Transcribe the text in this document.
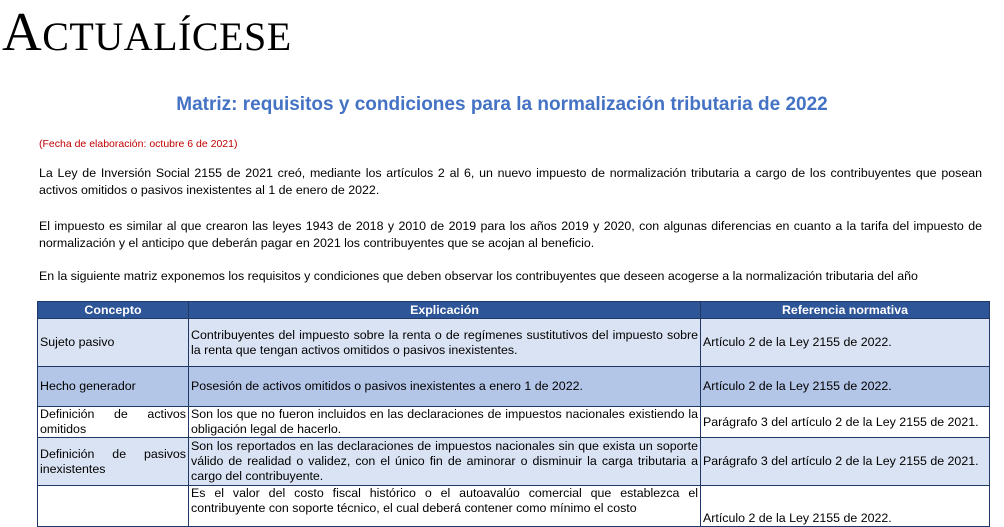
ACTUALÍCESE
Matriz: requisitos y condiciones para la normalización tributaria de 2022
(Fecha de elaboración: octubre 6 de 2021)
La Ley de Inversión Social 2155 de 2021 creó, mediante los artículos 2 al 6, un nuevo impuesto de normalización tributaria a cargo de los contribuyentes que posean activos omitidos o pasivos inexistentes al 1 de enero de 2022.
El impuesto es similar al que crearon las leyes 1943 de 2018 y 2010 de 2019 para los años 2019 y 2020, con algunas diferencias en cuanto a la tarifa del impuesto de normalización y el anticipo que deberán pagar en 2021 los contribuyentes que se acojan al beneficio.
En la siguiente matriz exponemos los requisitos y condiciones que deben observar los contribuyentes que deseen acogerse a la normalización tributaria del año
Concepto	Explicación	Referencia normativa
Sujeto pasivo	Contribuyentes del impuesto sobre la renta o de regímenes sustitutivos del impuesto sobre la renta que tengan activos omitidos o pasivos inexistentes.	Artículo 2 de la Ley 2155 de 2022.
Hecho generador	Posesión de activos omitidos o pasivos inexistentes a enero 1 de 2022.	Artículo 2 de la Ley 2155 de 2022.
Definición de activos omitidos	Son los que no fueron incluidos en las declaraciones de impuestos nacionales existiendo la obligación legal de hacerlo.	Parágrafo 3 del artículo 2 de la Ley 2155 de 2021.
Definición de pasivos inexistentes	Son los reportados en las declaraciones de impuestos nacionales sin que exista un soporte válido de realidad o validez, con el único fin de aminorar o disminuir la carga tributaria a cargo del contribuyente.	Parágrafo 3 del artículo 2 de la Ley 2155 de 2021.
	Es el valor del costo fiscal histórico o el autoavalúo comercial que establezca el contribuyente con soporte técnico, el cual deberá contener como mínimo el costo	Artículo 2 de la Ley 2155 de 2022.
